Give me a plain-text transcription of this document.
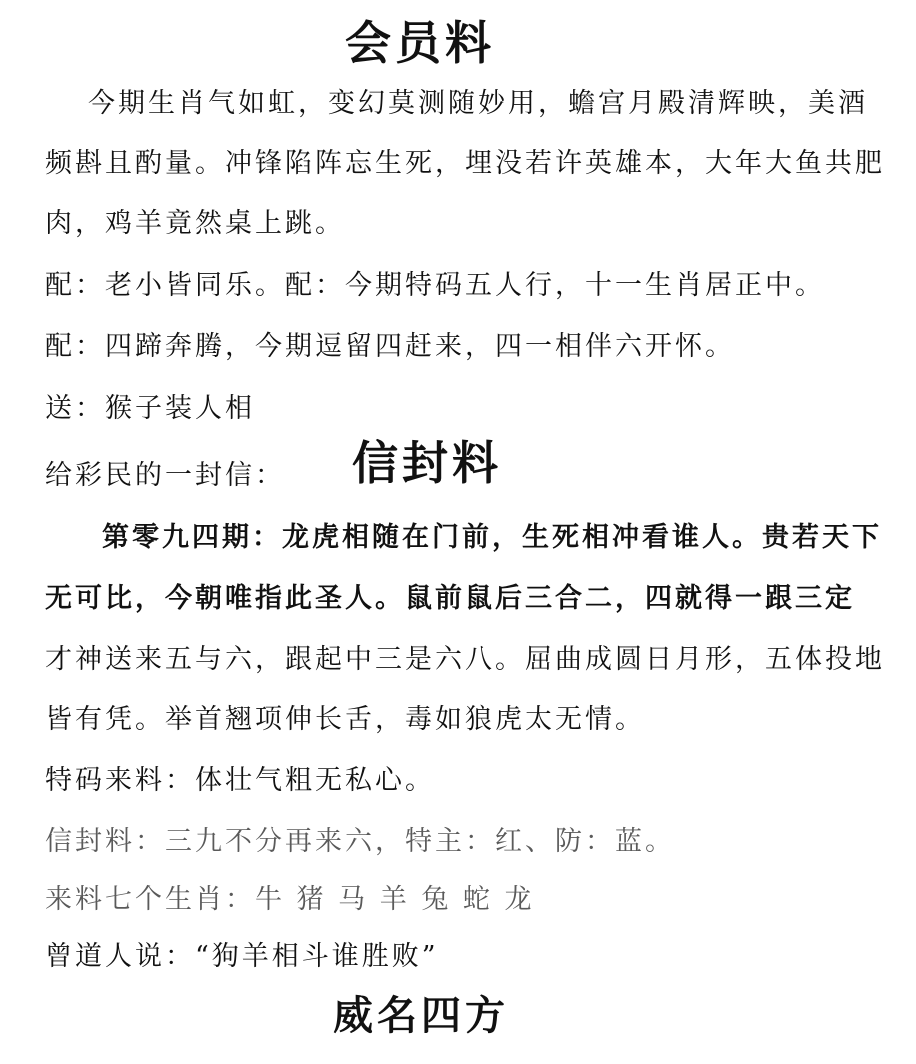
会员料
今期生肖气如虹，变幻莫测随妙用，蟾宫月殿清辉映，美酒
频斟且酌量。冲锋陷阵忘生死，埋没若许英雄本，大年大鱼共肥
肉，鸡羊竟然桌上跳。
配：老小皆同乐。配：今期特码五人行，十一生肖居正中。
配：四蹄奔腾，今期逗留四赶来，四一相伴六开怀。
送：猴子装人相
给彩民的一封信： 信封料
第零九四期：龙虎相随在门前，生死相冲看谁人。贵若天下
无可比，今朝唯指此圣人。鼠前鼠后三合二，四就得一跟三定
才神送来五与六，跟起中三是六八。屈曲成圆日月形，五体投地
皆有凭。举首翘项伸长舌，毒如狼虎太无情。
特码来料：体壮气粗无私心。
信封料：三九不分再来六，特主：红、防：蓝。
来料七个生肖：牛 猪 马 羊 兔 蛇 龙
曾道人说：“狗羊相斗谁胜败”
威名四方
